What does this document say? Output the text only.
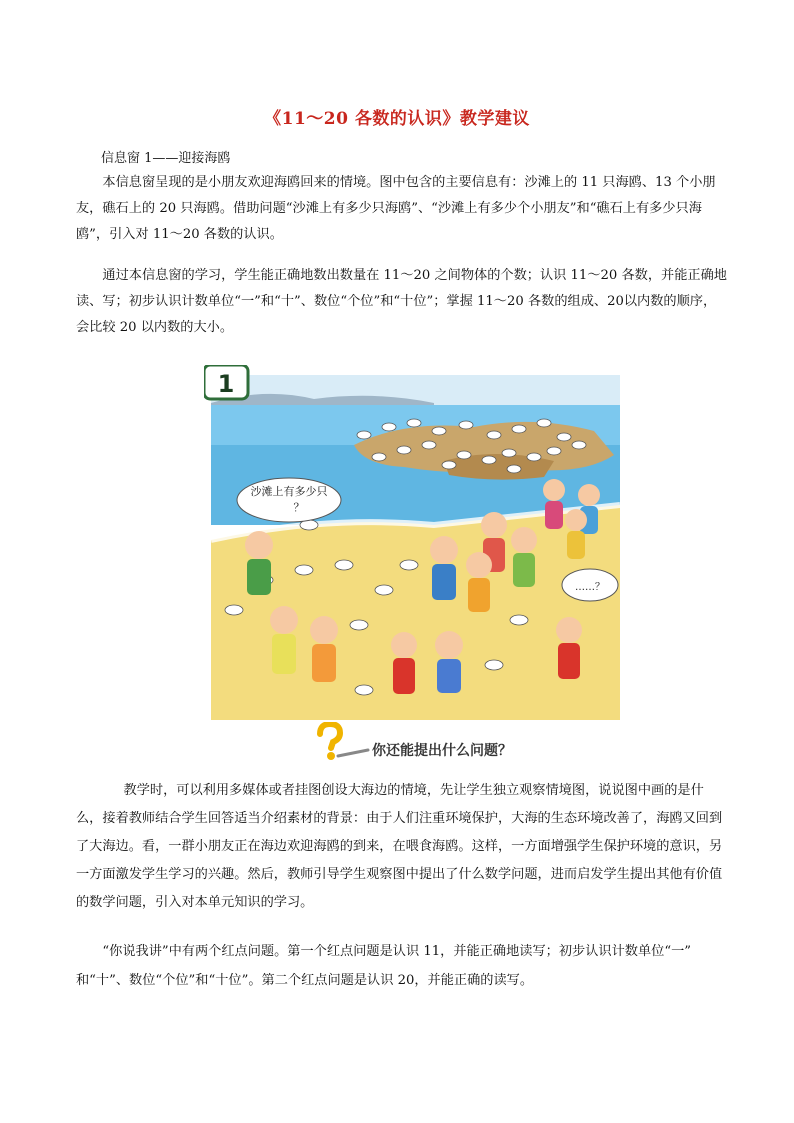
《11～20 各数的认识》教学建议
信息窗 1——迎接海鸥

本信息窗呈现的是小朋友欢迎海鸥回来的情境。图中包含的主要信息有：沙滩上的 11 只海鸥、13 个小朋友，礁石上的 20 只海鸥。借助问题“沙滩上有多少只海鸥”、“沙滩上有多少个小朋友”和“礁石上有多少只海鸥”，引入对 11～20 各数的认识。

通过本信息窗的学习，学生能正确地数出数量在 11～20 之间物体的个数；认识 11～20 各数，并能正确地读、写；初步认识计数单位“一”和“十”、数位“个位”和“十位”；掌握 11～20 各数的组成、20以内数的顺序，会比较 20 以内数的大小。

1
沙滩上有多少只
？
……？
你还能提出什么问题？

教学时，可以利用多媒体或者挂图创设大海边的情境，先让学生独立观察情境图，说说图中画的是什么，接着教师结合学生回答适当介绍素材的背景：由于人们注重环境保护，大海的生态环境改善了，海鸥又回到了大海边。看，一群小朋友正在海边欢迎海鸥的到来，在喂食海鸥。这样，一方面增强学生保护环境的意识，另一方面激发学生学习的兴趣。然后，教师引导学生观察图中提出了什么数学问题，进而启发学生提出其他有价值的数学问题，引入对本单元知识的学习。

“你说我讲”中有两个红点问题。第一个红点问题是认识 11，并能正确地读写；初步认识计数单位“一” 和“十”、数位“个位”和“十位”。第二个红点问题是认识 20，并能正确的读写。
